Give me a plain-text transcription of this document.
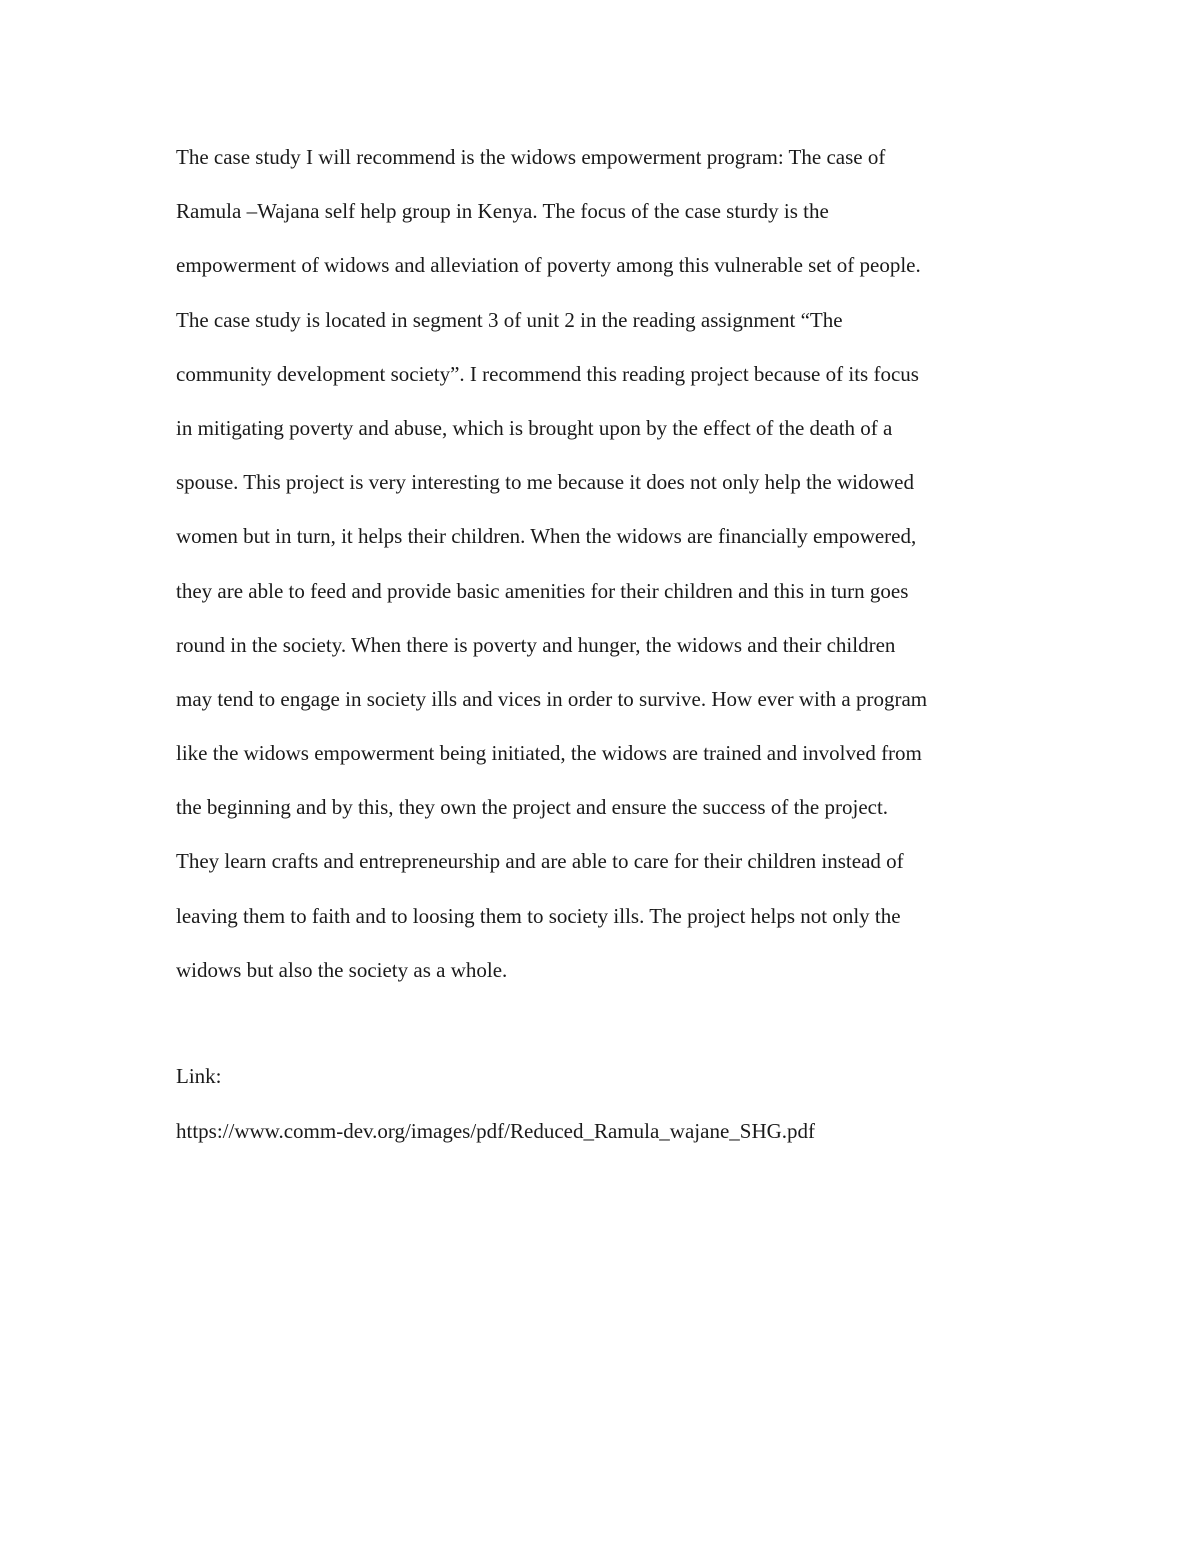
The case study I will recommend is the widows empowerment program: The case of
Ramula –Wajana self help group in Kenya. The focus of the case sturdy is the
empowerment of widows and alleviation of poverty among this vulnerable set of people.
The case study is located in segment 3 of unit 2 in the reading assignment “The
community development society”. I recommend this reading project because of its focus
in mitigating poverty and abuse, which is brought upon by the effect of the death of a
spouse. This project is very interesting to me because it does not only help the widowed
women but in turn, it helps their children. When the widows are financially empowered,
they are able to feed and provide basic amenities for their children and this in turn goes
round in the society. When there is poverty and hunger, the widows and their children
may tend to engage in society ills and vices in order to survive. How ever with a program
like the widows empowerment being initiated, the widows are trained and involved from
the beginning and by this, they own the project and ensure the success of the project.
They learn crafts and entrepreneurship and are able to care for their children instead of
leaving them to faith and to loosing them to society ills. The project helps not only the
widows but also the society as a whole.

Link:

https://www.comm-dev.org/images/pdf/Reduced_Ramula_wajane_SHG.pdf
